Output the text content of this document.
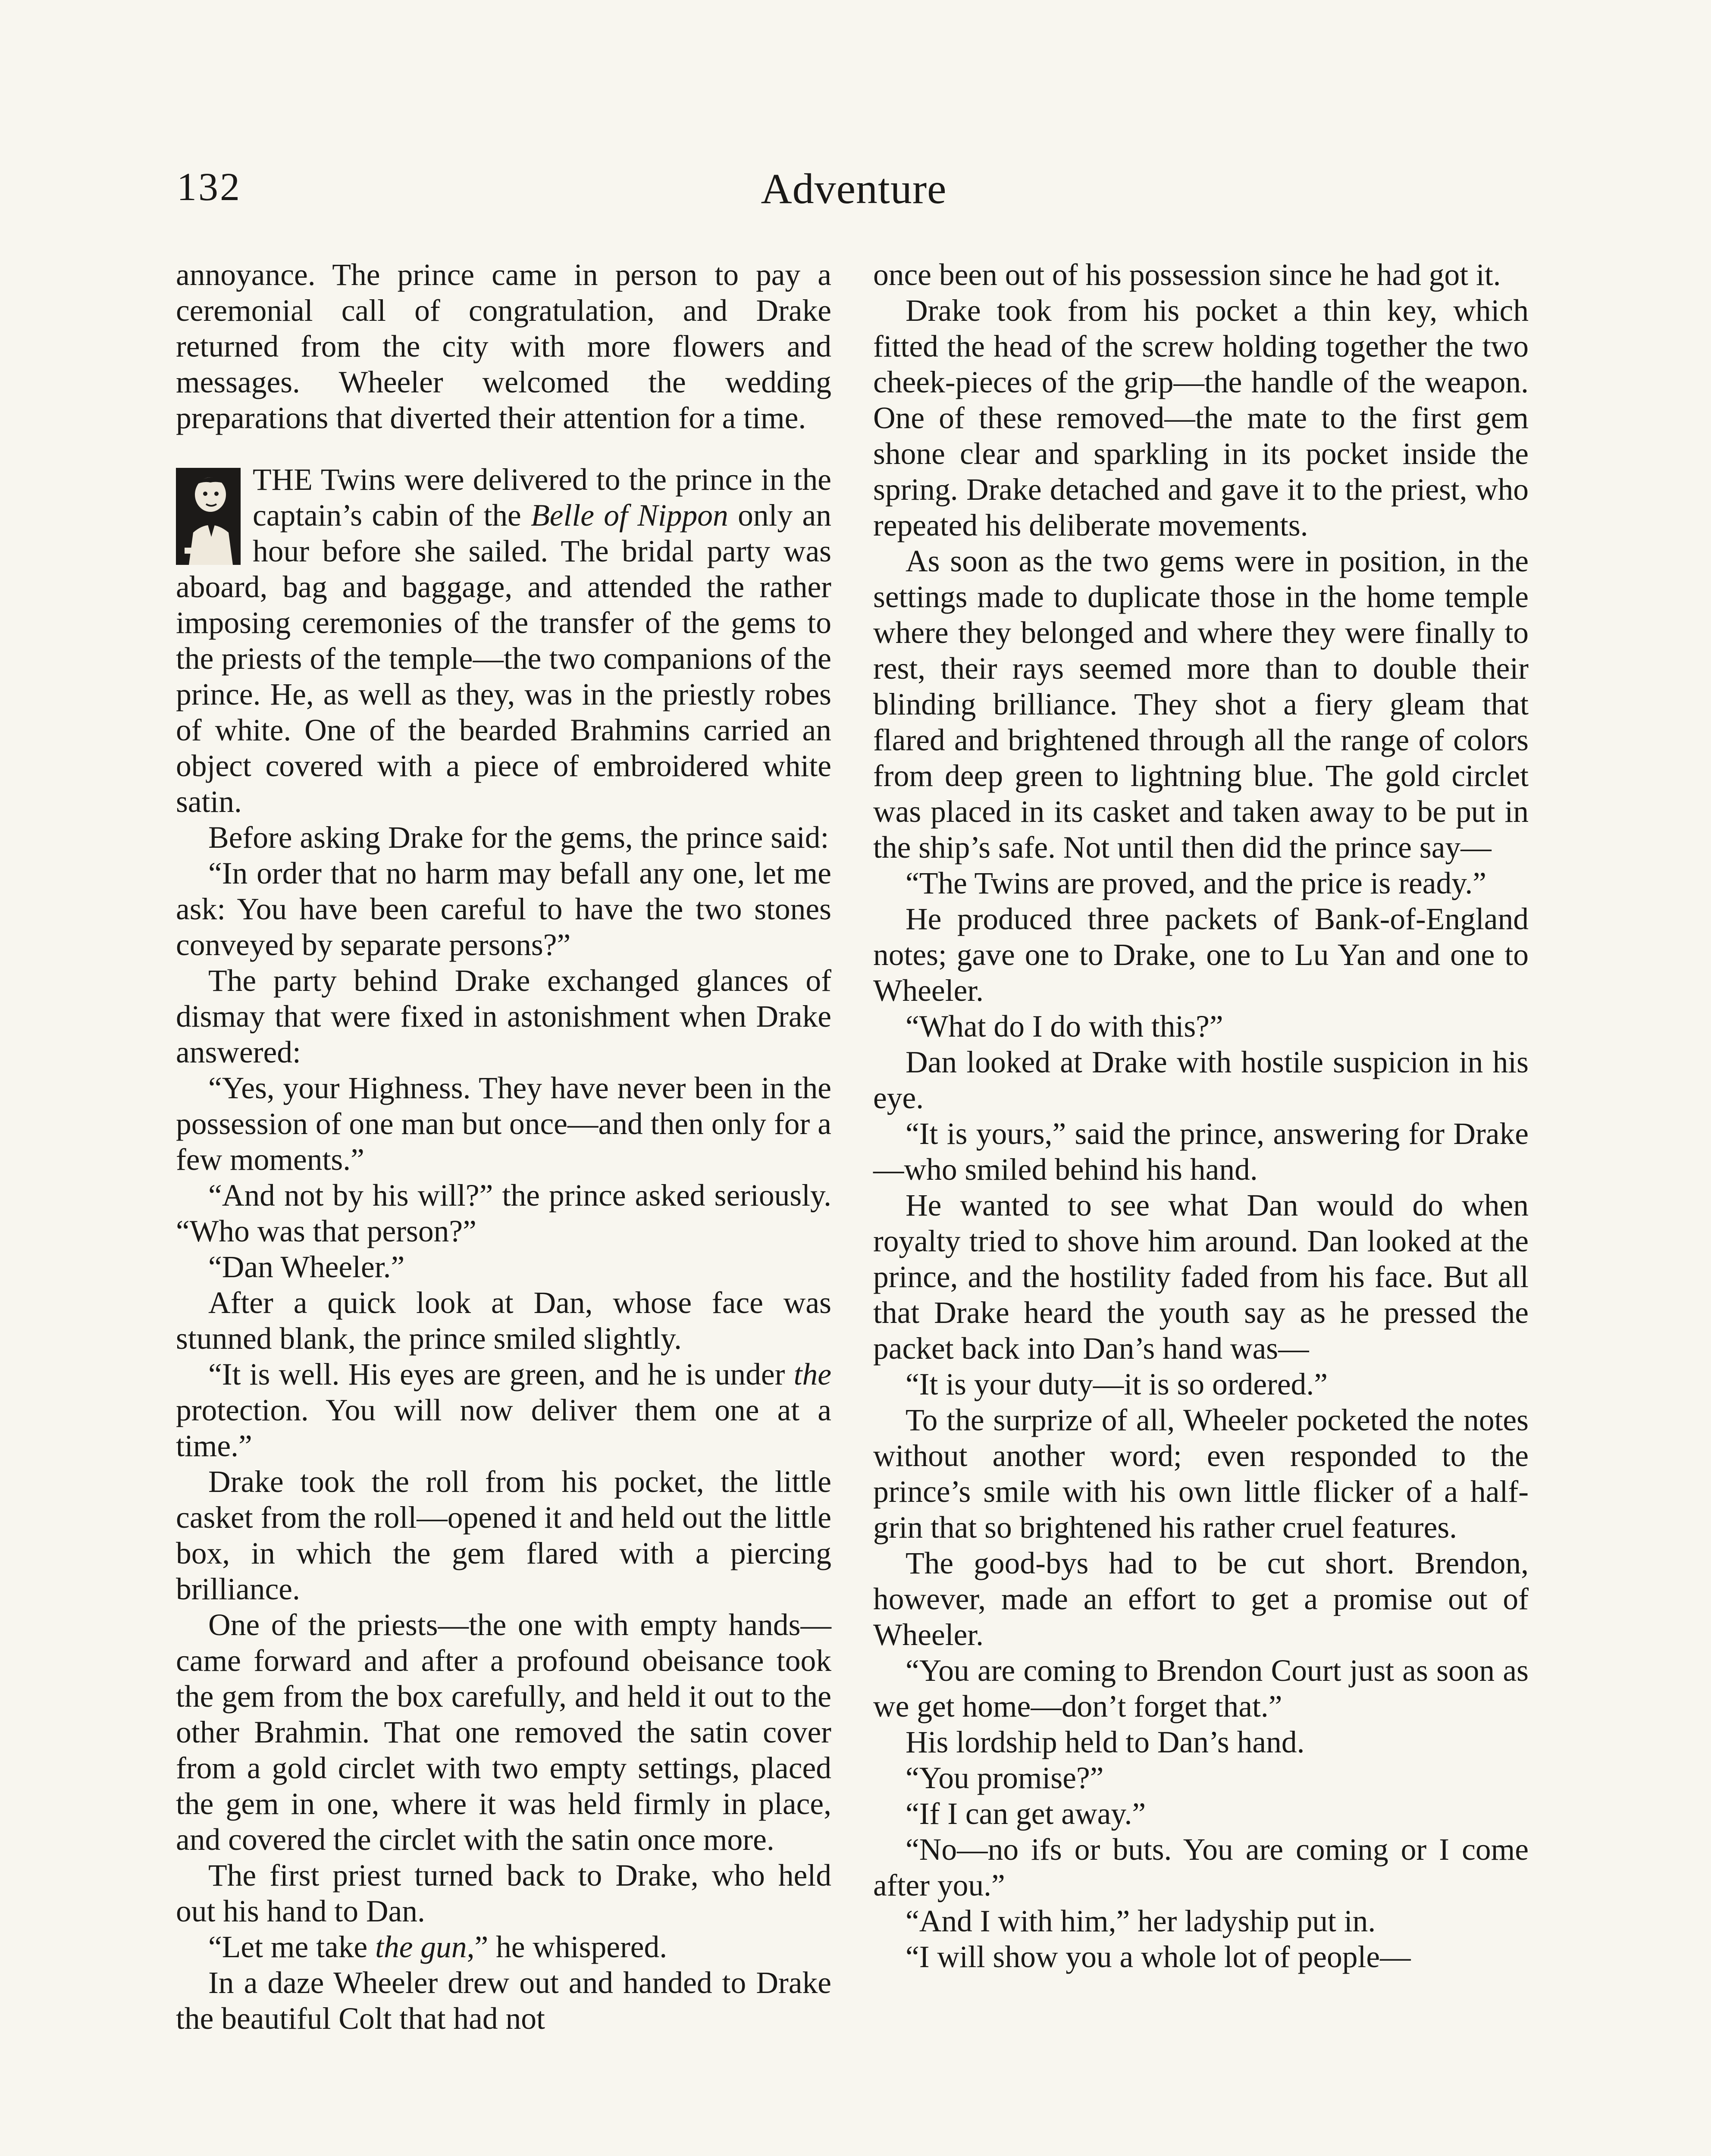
132	Adventure

annoyance. The prince came in person to pay a ceremonial call of congratulation, and Drake returned from the city with more flowers and messages. Wheeler welcomed the wedding preparations that diverted their attention for a time.

THE Twins were delivered to the prince in the captain’s cabin of the Belle of Nippon only an hour before she sailed. The bridal party was aboard, bag and baggage, and attended the rather imposing ceremonies of the transfer of the gems to the priests of the temple—the two companions of the prince. He, as well as they, was in the priestly robes of white. One of the bearded Brahmins carried an object covered with a piece of embroidered white satin.

Before asking Drake for the gems, the prince said:

“In order that no harm may befall any one, let me ask: You have been careful to have the two stones conveyed by separate persons?”

The party behind Drake exchanged glances of dismay that were fixed in astonishment when Drake answered:

“Yes, your Highness. They have never been in the possession of one man but once—and then only for a few moments.”

“And not by his will?” the prince asked seriously. “Who was that person?”

“Dan Wheeler.”

After a quick look at Dan, whose face was stunned blank, the prince smiled slightly.

“It is well. His eyes are green, and he is under the protection. You will now deliver them one at a time.”

Drake took the roll from his pocket, the little casket from the roll—opened it and held out the little box, in which the gem flared with a piercing brilliance.

One of the priests—the one with empty hands—came forward and after a profound obeisance took the gem from the box carefully, and held it out to the other Brahmin. That one removed the satin cover from a gold circlet with two empty settings, placed the gem in one, where it was held firmly in place, and covered the circlet with the satin once more.

The first priest turned back to Drake, who held out his hand to Dan.

“Let me take the gun,” he whispered.

In a daze Wheeler drew out and handed to Drake the beautiful Colt that had not

once been out of his possession since he had got it.

Drake took from his pocket a thin key, which fitted the head of the screw holding together the two cheek-pieces of the grip—the handle of the weapon. One of these removed—the mate to the first gem shone clear and sparkling in its pocket inside the spring. Drake detached and gave it to the priest, who repeated his deliberate movements.

As soon as the two gems were in position, in the settings made to duplicate those in the home temple where they belonged and where they were finally to rest, their rays seemed more than to double their blinding brilliance. They shot a fiery gleam that flared and brightened through all the range of colors from deep green to lightning blue. The gold circlet was placed in its casket and taken away to be put in the ship’s safe. Not until then did the prince say—

“The Twins are proved, and the price is ready.”

He produced three packets of Bank-of-England notes; gave one to Drake, one to Lu Yan and one to Wheeler.

“What do I do with this?”

Dan looked at Drake with hostile suspicion in his eye.

“It is yours,” said the prince, answering for Drake—who smiled behind his hand.

He wanted to see what Dan would do when royalty tried to shove him around. Dan looked at the prince, and the hostility faded from his face. But all that Drake heard the youth say as he pressed the packet back into Dan’s hand was—

“It is your duty—it is so ordered.”

To the surprize of all, Wheeler pocketed the notes without another word; even responded to the prince’s smile with his own little flicker of a half-grin that so brightened his rather cruel features.

The good-bys had to be cut short. Brendon, however, made an effort to get a promise out of Wheeler.

“You are coming to Brendon Court just as soon as we get home—don’t forget that.”

His lordship held to Dan’s hand.

“You promise?”

“If I can get away.”

“No—no ifs or buts. You are coming or I come after you.”

“And I with him,” her ladyship put in.

“I will show you a whole lot of people—
